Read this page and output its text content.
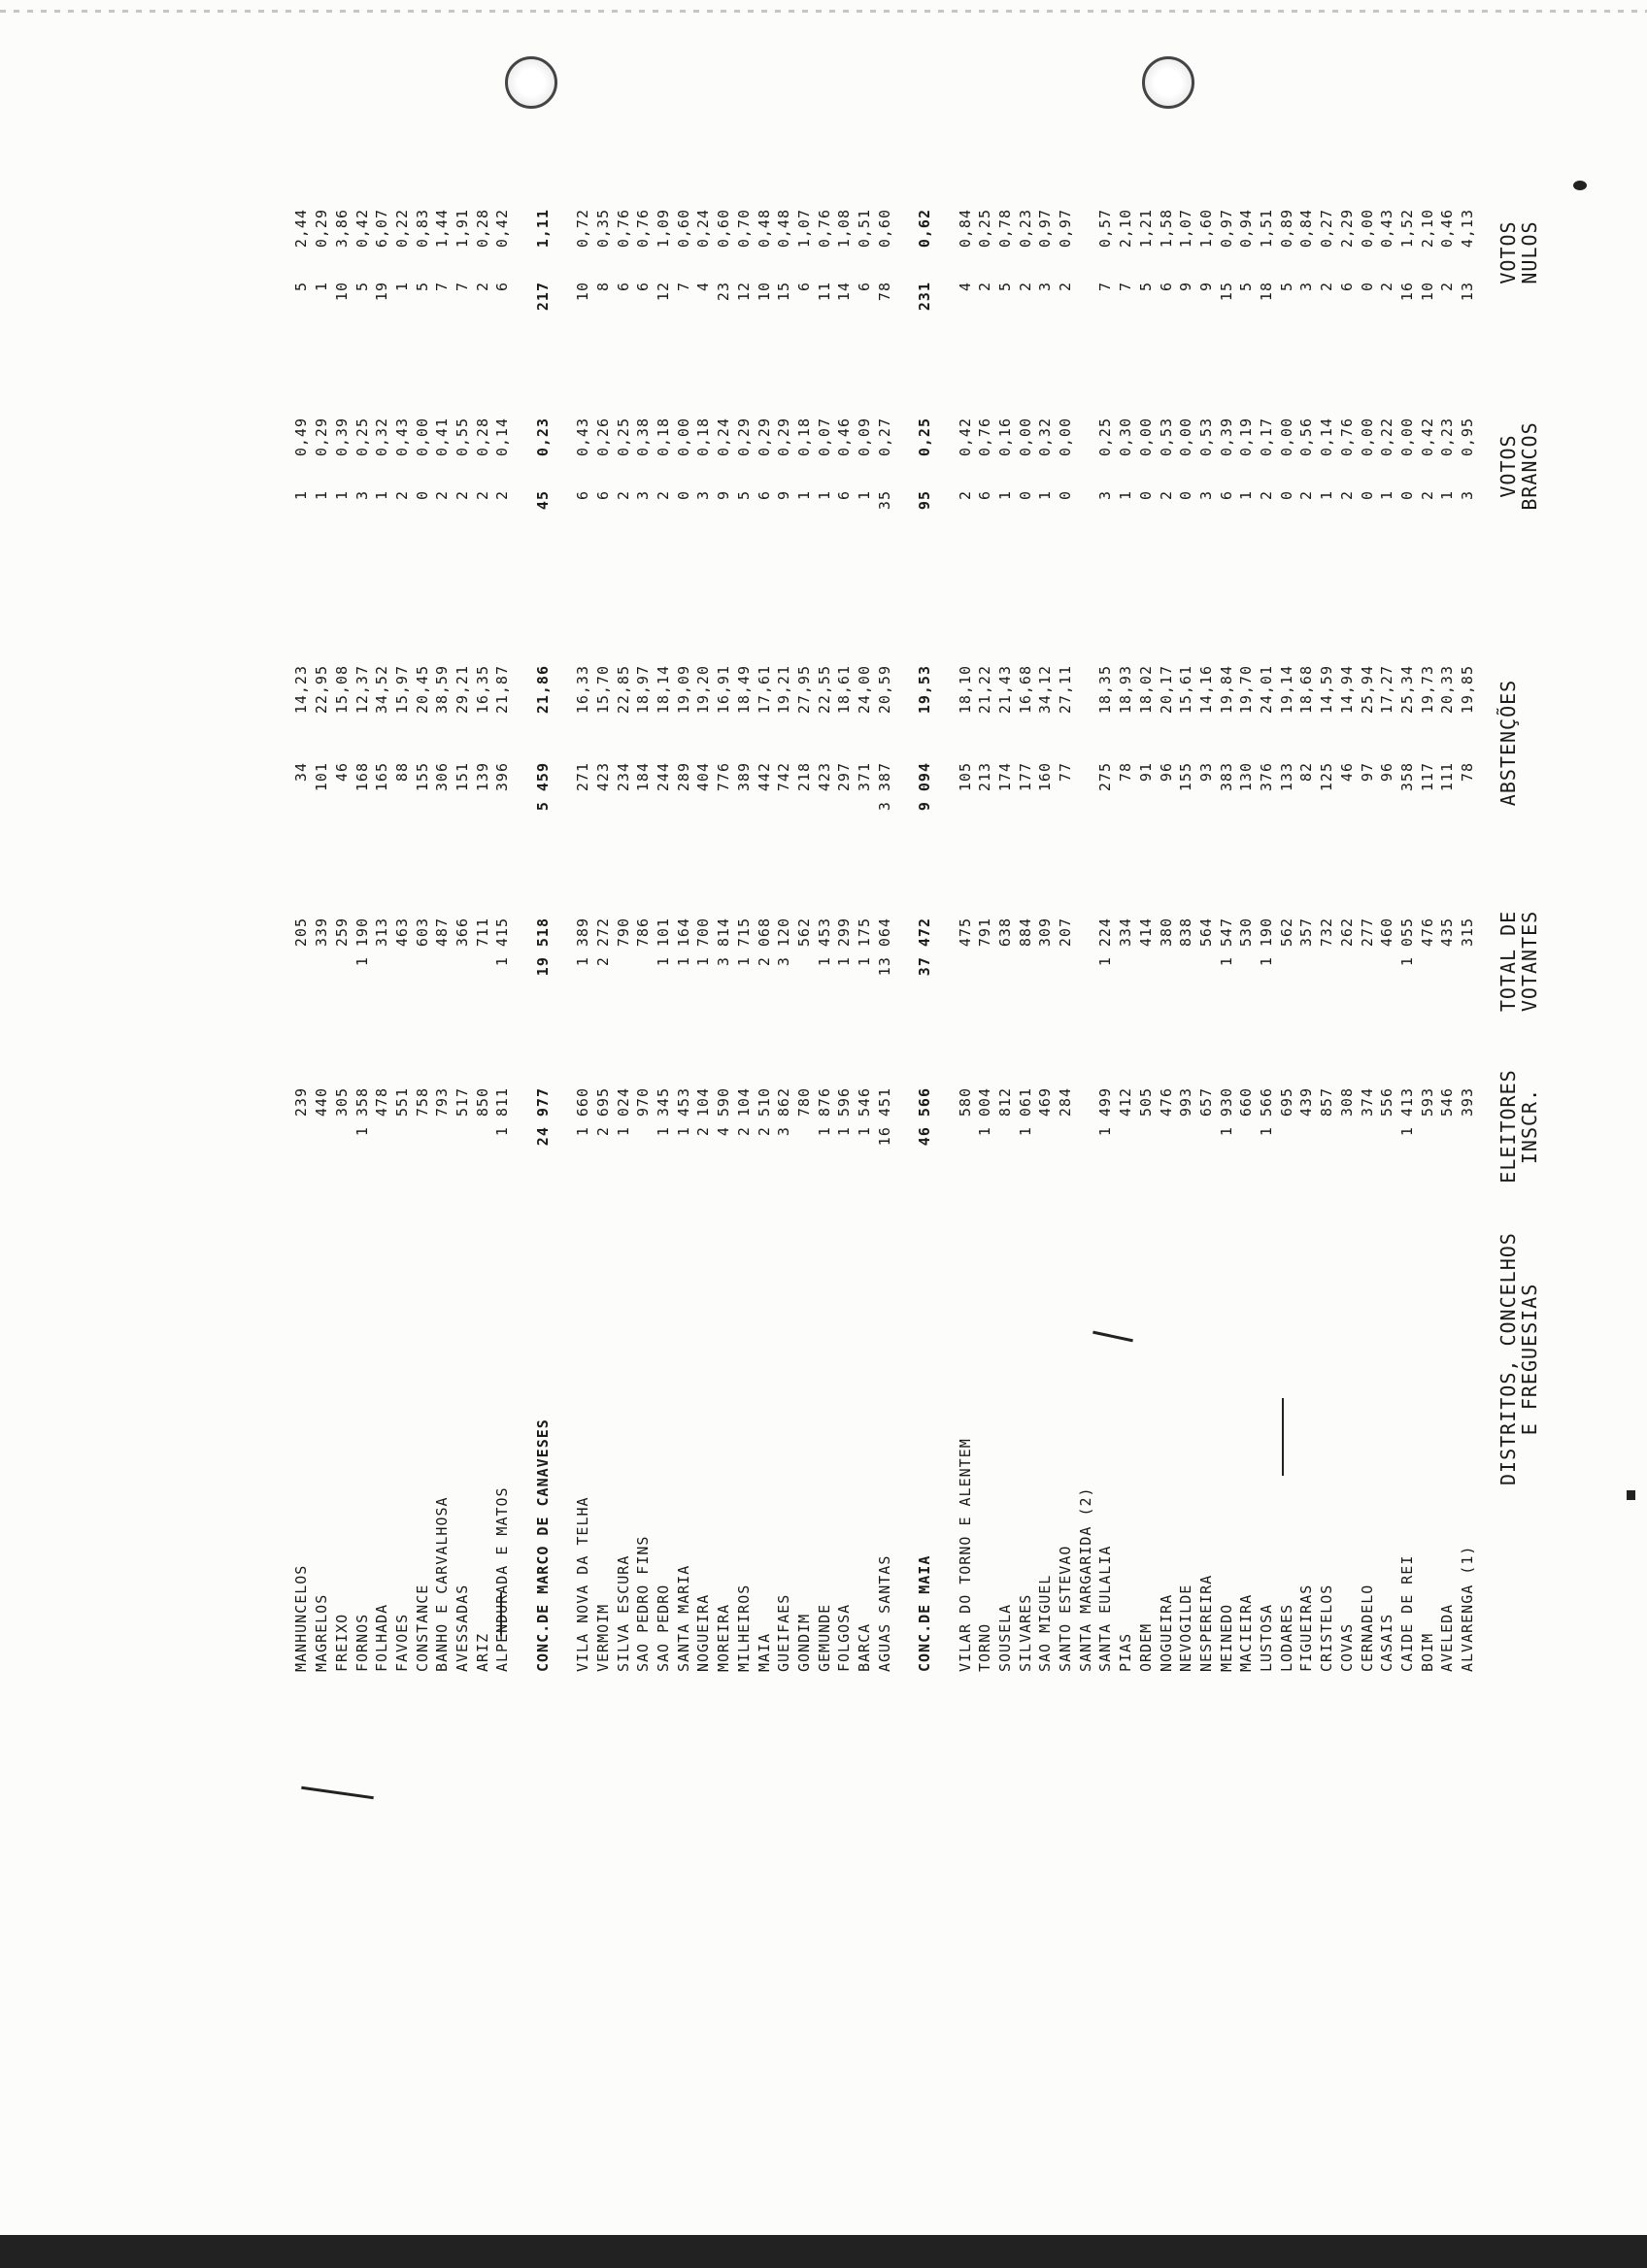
DISTRITOS, CONCELHOS
E FREGUESIAS
ELEITORES
INSCR.
TOTAL DE
VOTANTES
ABSTENÇÕES
VOTOS
BRANCOS
VOTOS
NULOS
ALVARENGA (1)
393
315
78
19,85
3
0,95
13
4,13
AVELEDA
546
435
111
20,33
1
0,23
2
0,46
BOIM
593
476
117
19,73
2
0,42
10
2,10
CAIDE DE REI
1 413
1 055
358
25,34
0
0,00
16
1,52
CASAIS
556
460
96
17,27
1
0,22
2
0,43
CERNADELO
374
277
97
25,94
0
0,00
0
0,00
COVAS
308
262
46
14,94
2
0,76
6
2,29
CRISTELOS
857
732
125
14,59
1
0,14
2
0,27
FIGUEIRAS
439
357
82
18,68
2
0,56
3
0,84
LODARES
695
562
133
19,14
0
0,00
5
0,89
LUSTOSA
1 566
1 190
376
24,01
2
0,17
18
1,51
MACIEIRA
660
530
130
19,70
1
0,19
5
0,94
MEINEDO
1 930
1 547
383
19,84
6
0,39
15
0,97
NESPEREIRA
657
564
93
14,16
3
0,53
9
1,60
NEVOGILDE
993
838
155
15,61
0
0,00
9
1,07
NOGUEIRA
476
380
96
20,17
2
0,53
6
1,58
ORDEM
505
414
91
18,02
0
0,00
5
1,21
PIAS
412
334
78
18,93
1
0,30
7
2,10
SANTA EULALIA
1 499
1 224
275
18,35
3
0,25
7
0,57
SANTA MARGARIDA (2)
SANTO ESTEVAO
284
207
77
27,11
0
0,00
2
0,97
SAO MIGUEL
469
309
160
34,12
1
0,32
3
0,97
SILVARES
1 061
884
177
16,68
0
0,00
2
0,23
SOUSELA
812
638
174
21,43
1
0,16
5
0,78
TORNO
1 004
791
213
21,22
6
0,76
2
0,25
VILAR DO TORNO E ALENTEM
580
475
105
18,10
2
0,42
4
0,84
CONC.DE MAIA
46 566
37 472
9 094
19,53
95
0,25
231
0,62
AGUAS SANTAS
16 451
13 064
3 387
20,59
35
0,27
78
0,60
BARCA
1 546
1 175
371
24,00
1
0,09
6
0,51
FOLGOSA
1 596
1 299
297
18,61
6
0,46
14
1,08
GEMUNDE
1 876
1 453
423
22,55
1
0,07
11
0,76
GONDIM
780
562
218
27,95
1
0,18
6
1,07
GUEIFAES
3 862
3 120
742
19,21
9
0,29
15
0,48
MAIA
2 510
2 068
442
17,61
6
0,29
10
0,48
MILHEIROS
2 104
1 715
389
18,49
5
0,29
12
0,70
MOREIRA
4 590
3 814
776
16,91
9
0,24
23
0,60
NOGUEIRA
2 104
1 700
404
19,20
3
0,18
4
0,24
SANTA MARIA
1 453
1 164
289
19,09
0
0,00
7
0,60
SAO PEDRO
1 345
1 101
244
18,14
2
0,18
12
1,09
SAO PEDRO FINS
970
786
184
18,97
3
0,38
6
0,76
SILVA ESCURA
1 024
790
234
22,85
2
0,25
6
0,76
VERMOIM
2 695
2 272
423
15,70
6
0,26
8
0,35
VILA NOVA DA TELHA
1 660
1 389
271
16,33
6
0,43
10
0,72
CONC.DE MARCO DE CANAVESES
24 977
19 518
5 459
21,86
45
0,23
217
1,11
ALPENDURADA E MATOS
1 811
1 415
396
21,87
2
0,14
6
0,42
ARIZ
850
711
139
16,35
2
0,28
2
0,28
AVESSADAS
517
366
151
29,21
2
0,55
7
1,91
BANHO E CARVALHOSA
793
487
306
38,59
2
0,41
7
1,44
CONSTANCE
758
603
155
20,45
0
0,00
5
0,83
FAVOES
551
463
88
15,97
2
0,43
1
0,22
FOLHADA
478
313
165
34,52
1
0,32
19
6,07
FORNOS
1 358
1 190
168
12,37
3
0,25
5
0,42
FREIXO
305
259
46
15,08
1
0,39
10
3,86
MAGRELOS
440
339
101
22,95
1
0,29
1
0,29
MANHUNCELOS
239
205
34
14,23
1
0,49
5
2,44
